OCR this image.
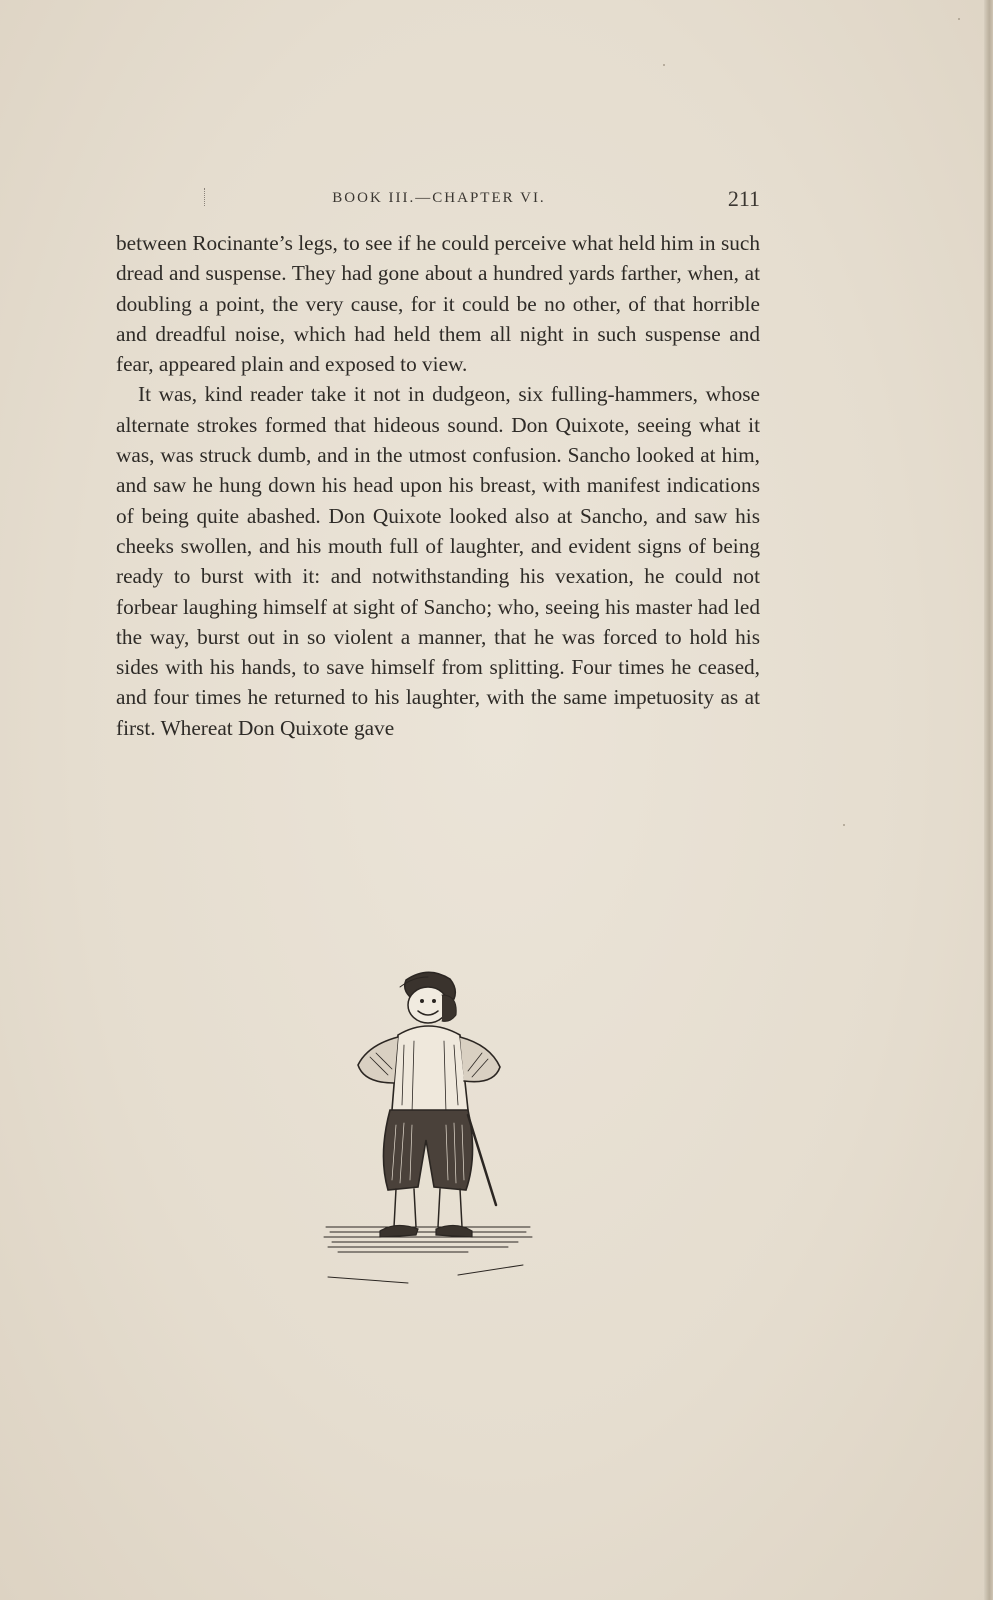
BOOK III.—CHAPTER VI.	211

between Rocinante’s legs, to see if he could perceive what held him in such dread and suspense. They had gone about a hundred yards farther, when, at doubling a point, the very cause, for it could be no other, of that horrible and dreadful noise, which had held them all night in such suspense and fear, appeared plain and exposed to view.

It was, kind reader take it not in dudgeon, six fulling-hammers, whose alternate strokes formed that hideous sound. Don Quixote, seeing what it was, was struck dumb, and in the utmost confusion. Sancho looked at him, and saw he hung down his head upon his breast, with manifest indications of being quite abashed. Don Quixote looked also at Sancho, and saw his cheeks swollen, and his mouth full of laughter, and evident signs of being ready to burst with it: and notwithstanding his vexation, he could not forbear laughing himself at sight of Sancho; who, seeing his master had led the way, burst out in so violent a manner, that he was forced to hold his sides with his hands, to save himself from splitting. Four times he ceased, and four times he returned to his laughter, with the same impetuosity as at first. Whereat Don Quixote gave
